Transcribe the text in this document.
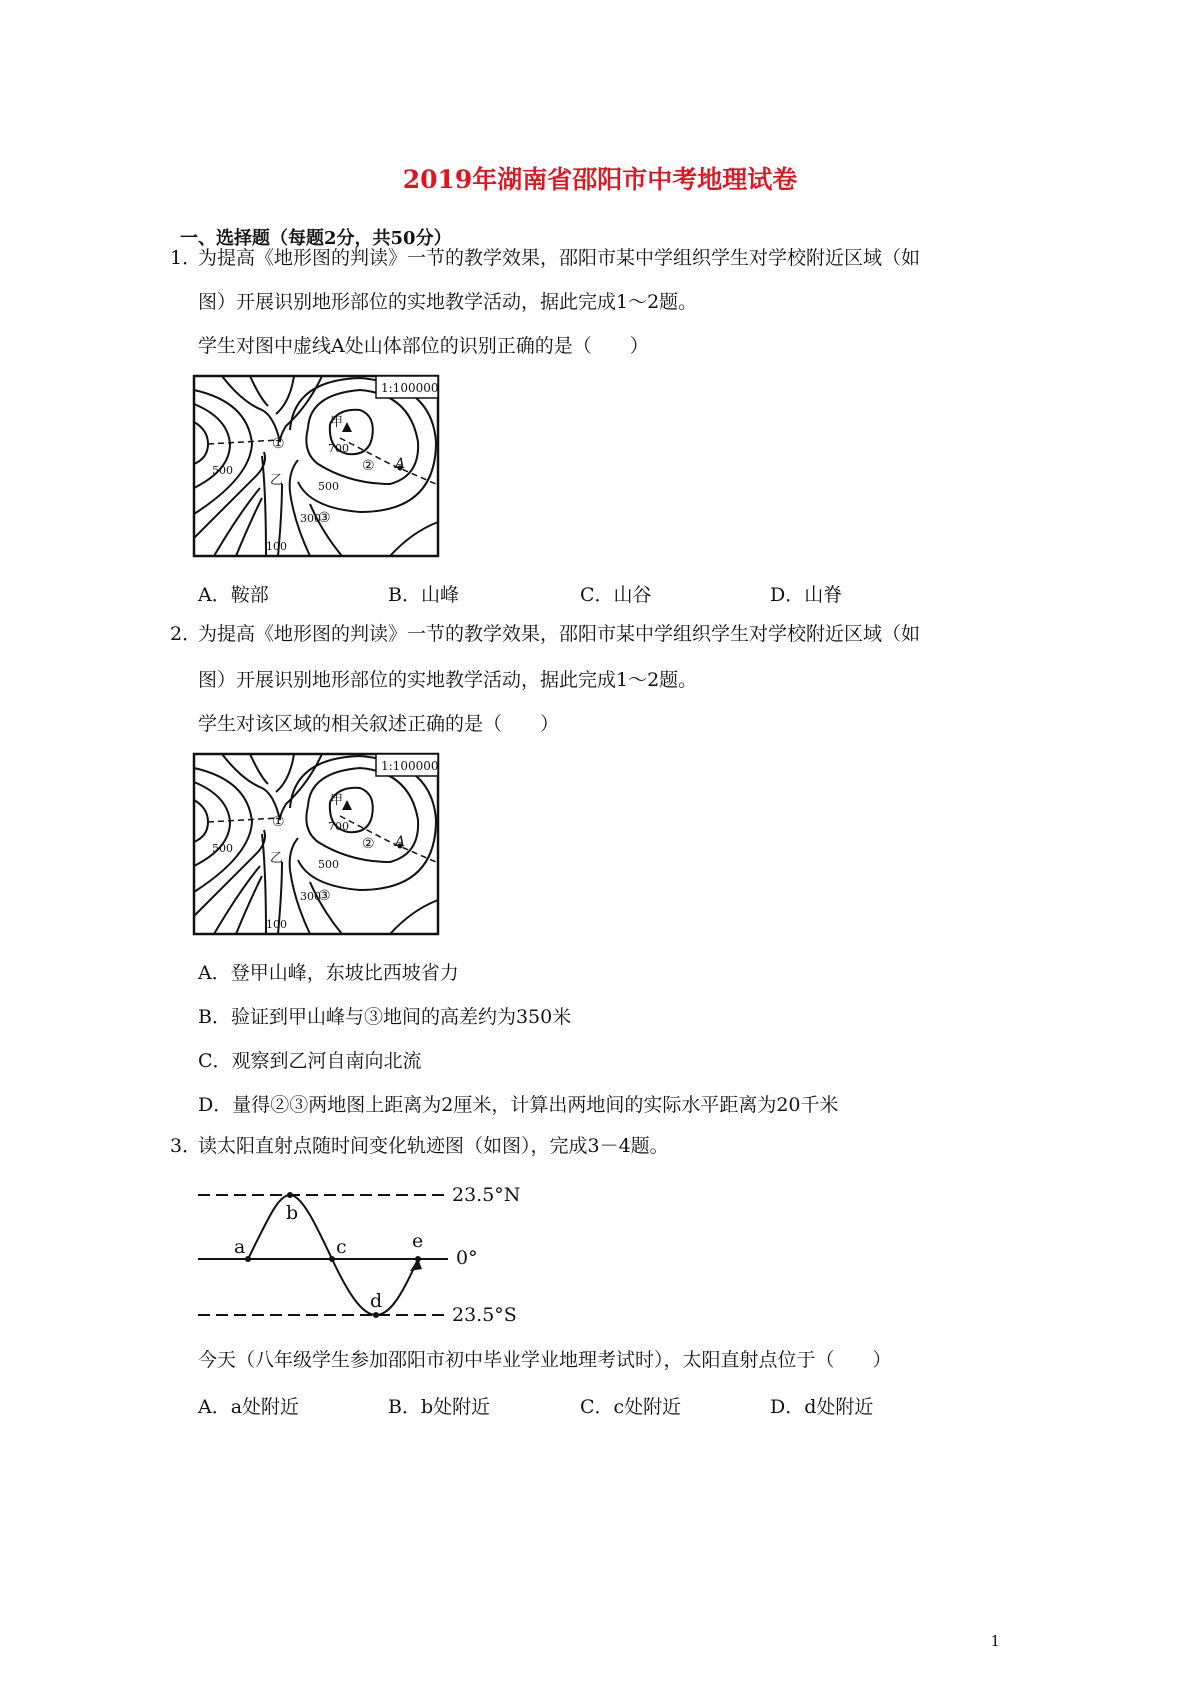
2019年湖南省邵阳市中考地理试卷
一、选择题（每题2分，共50分）
1．
为提高《地形图的判读》一节的教学效果，邵阳市某中学组织学生对学校附近区域（如
图）开展识别地形部位的实地教学活动，据此完成1～2题。
学生对图中虚线A处山体部位的识别正确的是（　　）
1:100000
甲
700
500
500
300
100
乙
A
①
②
③
A．鞍部	B．山峰	C．山谷	D．山脊
2．
为提高《地形图的判读》一节的教学效果，邵阳市某中学组织学生对学校附近区域（如
图）开展识别地形部位的实地教学活动，据此完成1～2题。
学生对该区域的相关叙述正确的是（　　）
1:100000
甲
700
500
500
300
100
乙
A
①
②
③
A．登甲山峰，东坡比西坡省力
B．验证到甲山峰与③地间的高差约为350米
C．观察到乙河自南向北流
D．量得②③两地图上距离为2厘米，计算出两地间的实际水平距离为20千米
3．
读太阳直射点随时间变化轨迹图（如图），完成3－4题。
23.5°N
0°
23.5°S
a
b
c
d
e
今天（八年级学生参加邵阳市初中毕业学业地理考试时），太阳直射点位于（　　）
A．a处附近	B．b处附近	C．c处附近	D．d处附近
1
